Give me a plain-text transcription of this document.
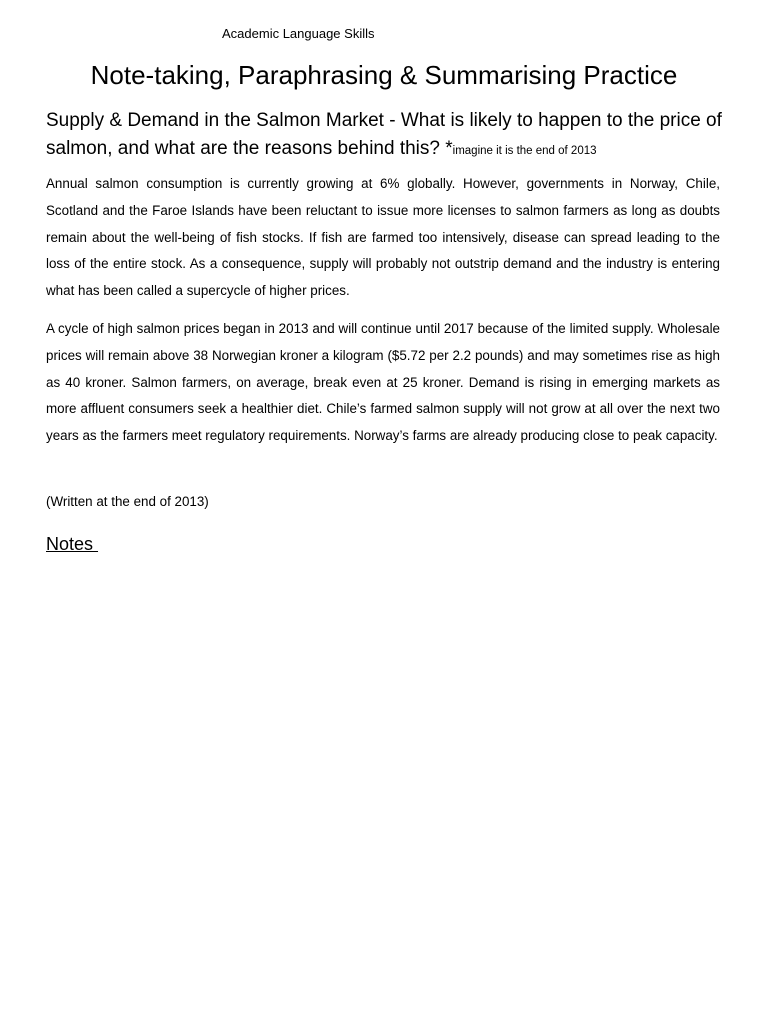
Academic Language Skills
Note-taking, Paraphrasing & Summarising Practice
Supply & Demand in the Salmon Market - What is likely to happen to the price of salmon, and what are the reasons behind this? *imagine it is the end of 2013
Annual salmon consumption is currently growing at 6% globally. However, governments in Norway, Chile, Scotland and the Faroe Islands have been reluctant to issue more licenses to salmon farmers as long as doubts remain about the well-being of fish stocks. If fish are farmed too intensively, disease can spread leading to the loss of the entire stock. As a consequence, supply will probably not outstrip demand and the industry is entering what has been called a supercycle of higher prices.
A cycle of high salmon prices began in 2013 and will continue until 2017 because of the limited supply. Wholesale prices will remain above 38 Norwegian kroner a kilogram ($5.72 per 2.2 pounds) and may sometimes rise as high as 40 kroner. Salmon farmers, on average, break even at 25 kroner. Demand is rising in emerging markets as more affluent consumers seek a healthier diet. Chile’s farmed salmon supply will not grow at all over the next two years as the farmers meet regulatory requirements. Norway’s farms are already producing close to peak capacity.
(Written at the end of 2013)
Notes
